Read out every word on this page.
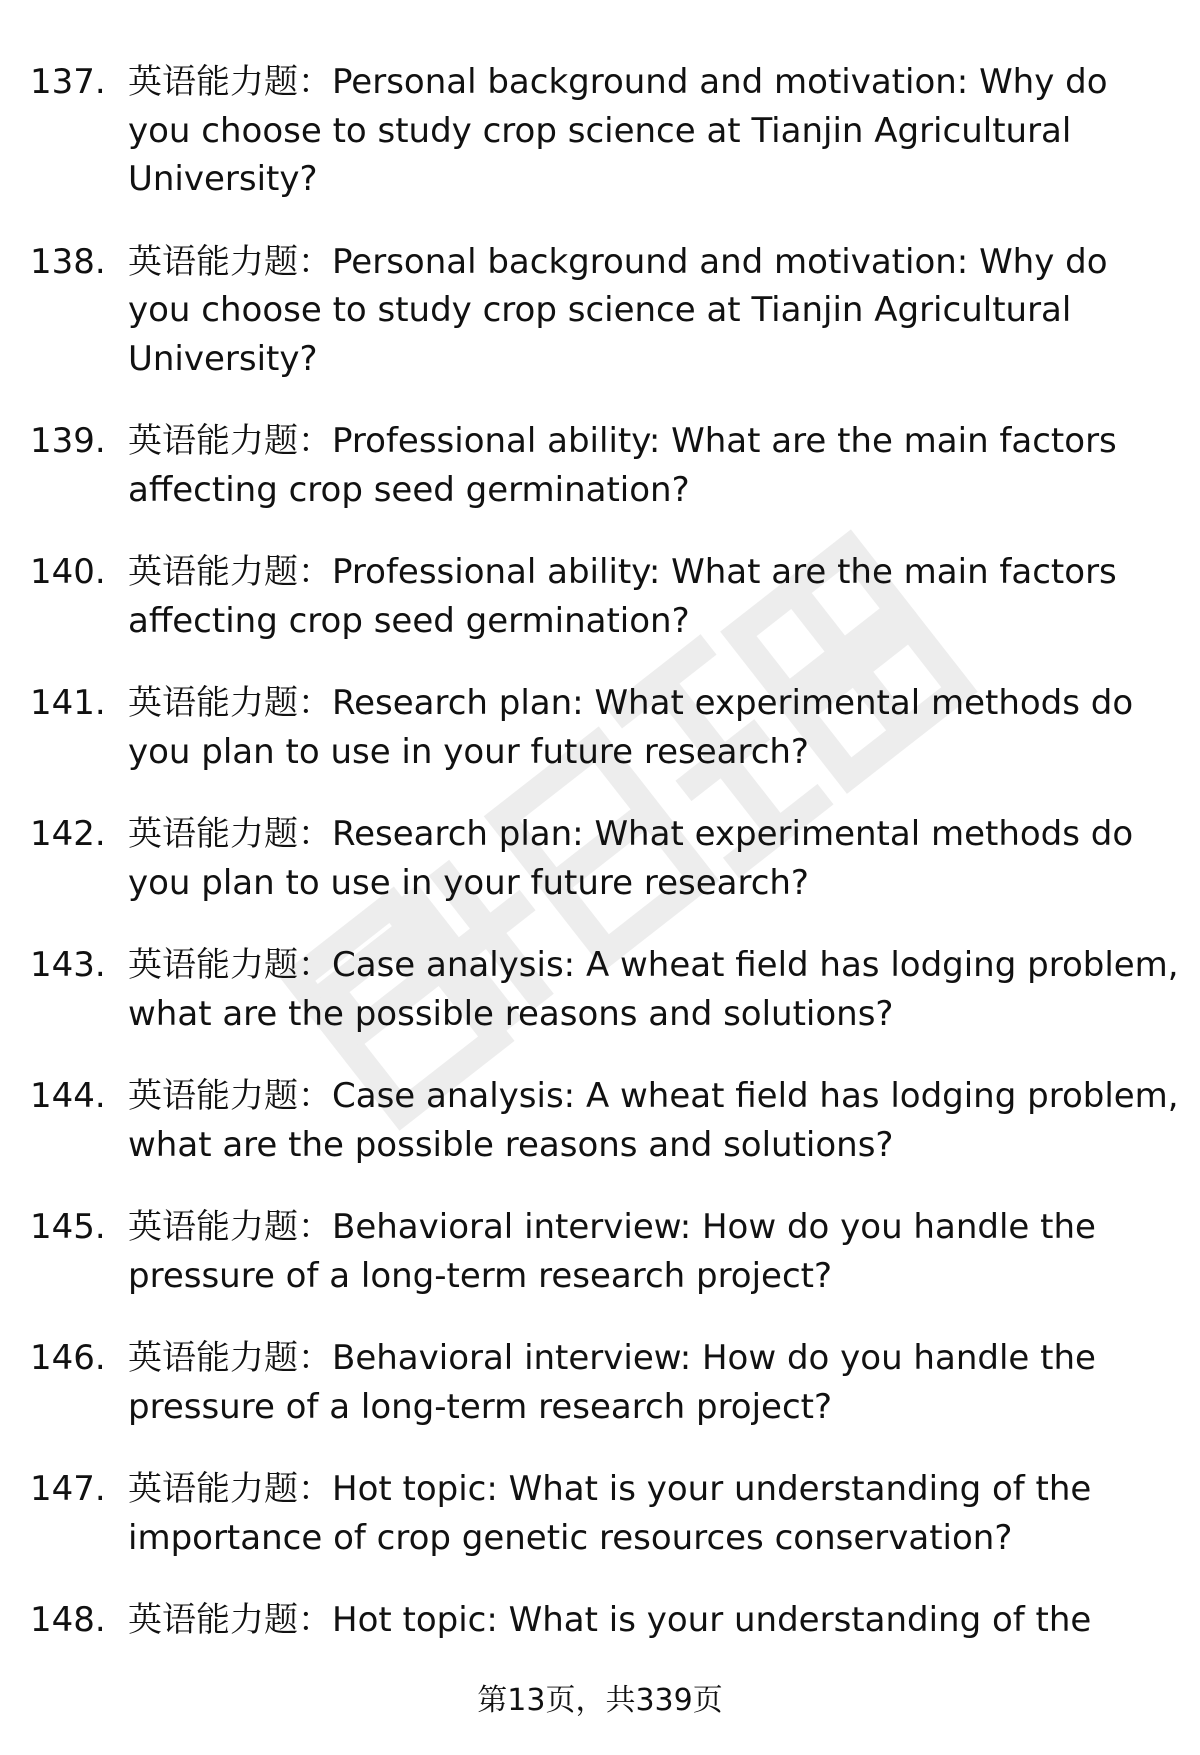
137. 英语能力题：Personal background and motivation: Why do you choose to study crop science at Tianjin Agricultural University?
138. 英语能力题：Personal background and motivation: Why do you choose to study crop science at Tianjin Agricultural University?
139. 英语能力题：Professional ability: What are the main factors affecting crop seed germination?
140. 英语能力题：Professional ability: What are the main factors affecting crop seed germination?
141. 英语能力题：Research plan: What experimental methods do you plan to use in your future research?
142. 英语能力题：Research plan: What experimental methods do you plan to use in your future research?
143. 英语能力题：Case analysis: A wheat field has lodging problem, what are the possible reasons and solutions?
144. 英语能力题：Case analysis: A wheat field has lodging problem, what are the possible reasons and solutions?
145. 英语能力题：Behavioral interview: How do you handle the pressure of a long-term research project?
146. 英语能力题：Behavioral interview: How do you handle the pressure of a long-term research project?
147. 英语能力题：Hot topic: What is your understanding of the importance of crop genetic resources conservation?
148. 英语能力题：Hot topic: What is your understanding of the
第13页，共339页
